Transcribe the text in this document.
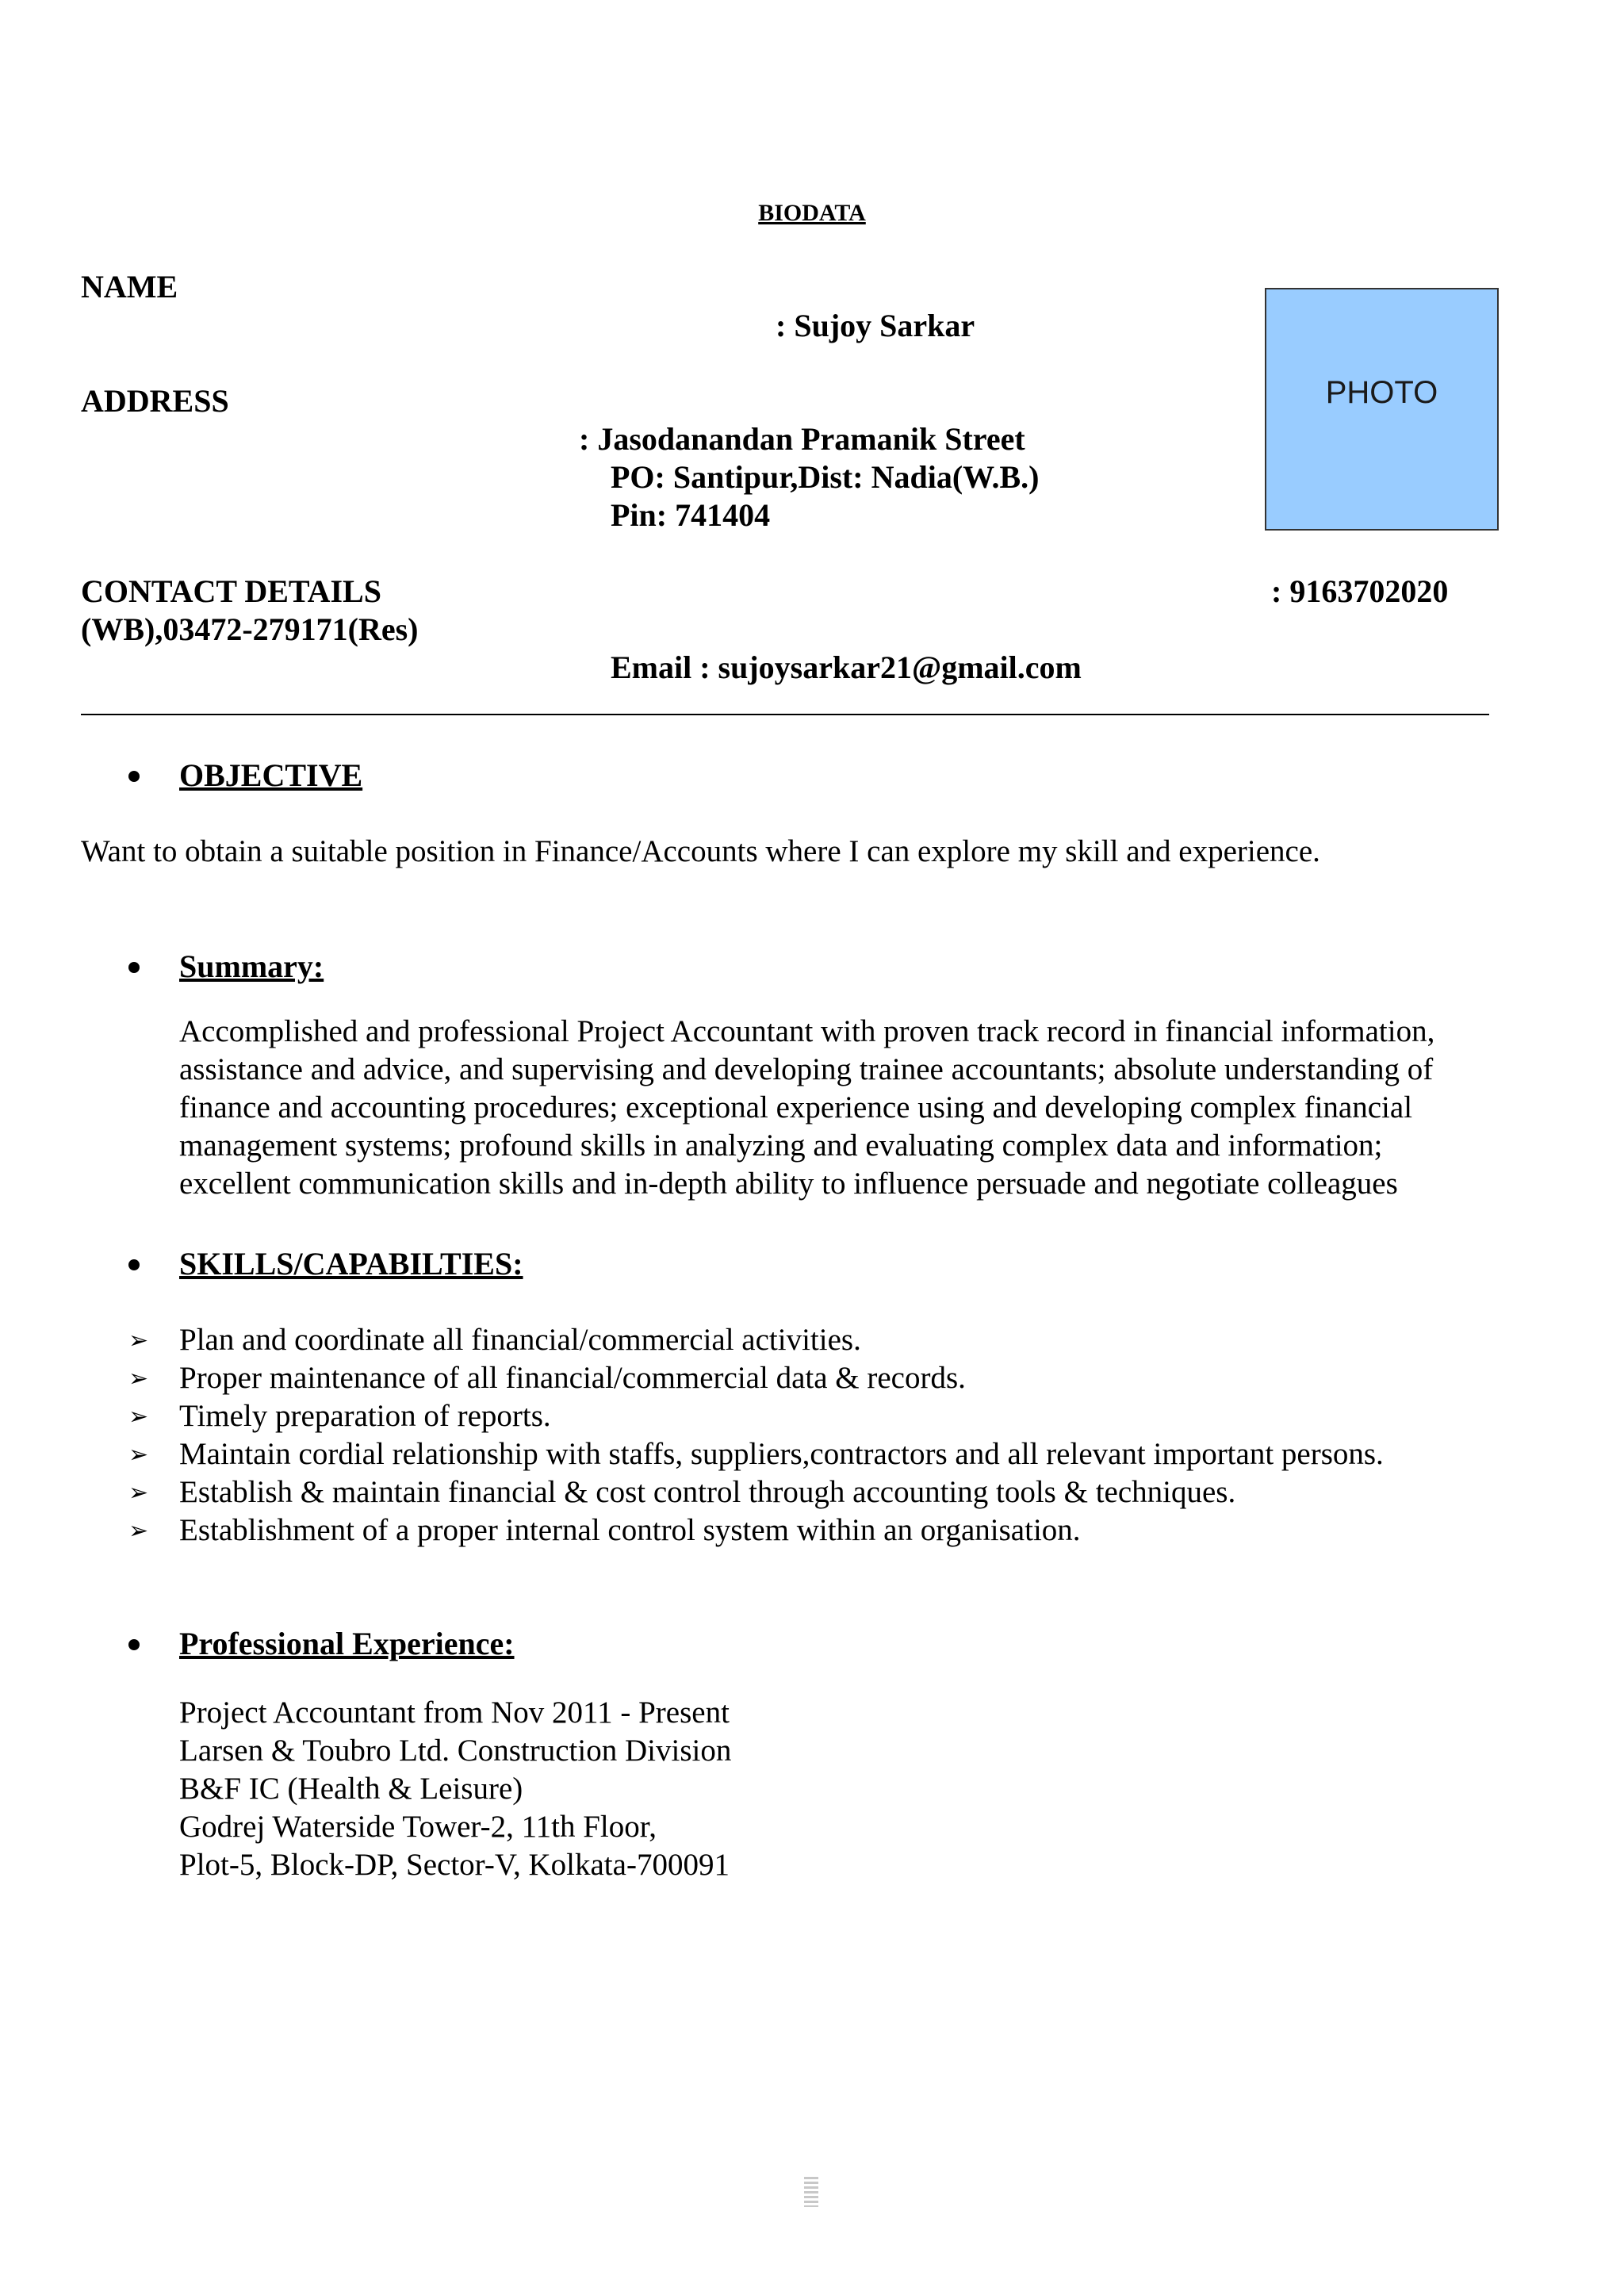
BIODATA
NAME
: Sujoy Sarkar
ADDRESS
: Jasodanandan Pramanik Street
PO: Santipur,Dist: Nadia(W.B.)
Pin: 741404
PHOTO
CONTACT DETAILS	: 9163702020
(WB),03472-279171(Res)
Email : sujoysarkar21@gmail.com
OBJECTIVE
Want to obtain a suitable position in Finance/Accounts where I can explore my skill and experience.
Summary:
Accomplished and professional Project Accountant with proven track record in financial information,
assistance and advice, and supervising and developing trainee accountants; absolute understanding of
finance and accounting procedures; exceptional experience using and developing complex financial
management systems; profound skills in analyzing and evaluating complex data and information;
excellent communication skills and in-depth ability to influence persuade and negotiate colleagues
SKILLS/CAPABILTIES:
➢ Plan and coordinate all financial/commercial activities.
➢ Proper maintenance of all financial/commercial data & records.
➢ Timely preparation of reports.
➢ Maintain cordial relationship with staffs, suppliers,contractors and all relevant important persons.
➢ Establish & maintain financial & cost control through accounting tools & techniques.
➢ Establishment of a proper internal control system within an organisation.
Professional Experience:
Project Accountant from Nov 2011 - Present
Larsen & Toubro Ltd. Construction Division
B&F IC (Health & Leisure)
Godrej Waterside Tower-2, 11th Floor,
Plot-5, Block-DP, Sector-V, Kolkata-700091
